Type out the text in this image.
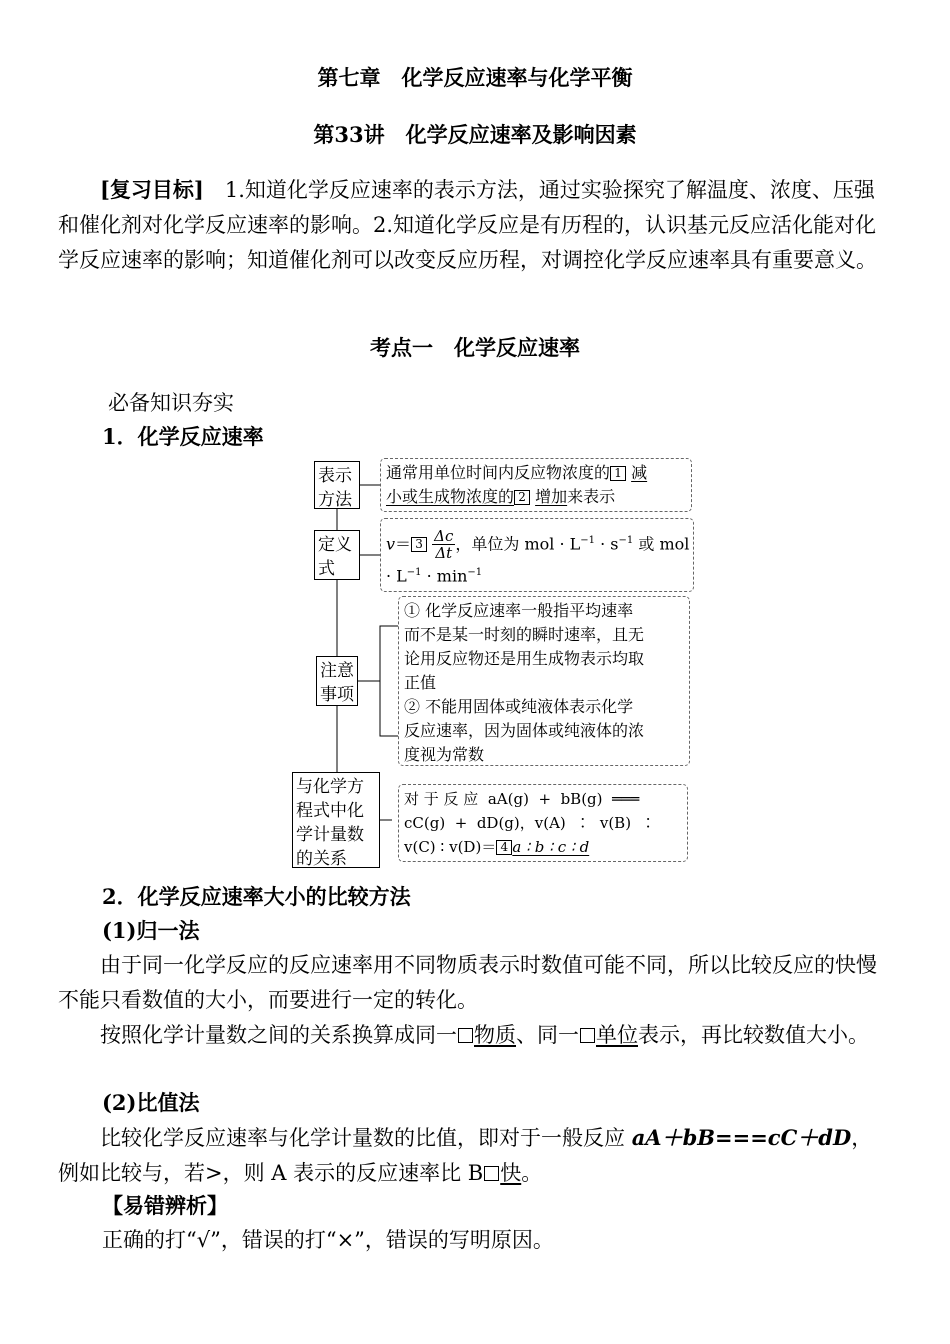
第七章　化学反应速率与化学平衡
第33讲　化学反应速率及影响因素
[复习目标]　 1.知道化学反应速率的表示方法，通过实验探究了解温度、浓度、压强和催化剂对化学反应速率的影响。2.知道化学反应是有历程的，认识基元反应活化能对化学反应速率的影响；知道催化剂可以改变反应历程，对调控化学反应速率具有重要意义。
考点一　化学反应速率
必备知识夯实
1．化学反应速率
表示
方法
定义
式
注意
事项
与化学方
程式中化
学计量数
的关系
通常用单位时间内反应物浓度的 1 减
小或生成物浓度的 2 增加来表示
$v= 3 \frac{\Delta c}{\Delta t}$ ，单位为 mol · $L^{-1} \cdot s^{-1}$ 或 mol
· $L^{-1} \cdot \min^{-1}$
① 化学反应速率一般指平均速率
而不是某一时刻的瞬时速率，且无
论用反应物还是用生成物表示均取
正值
② 不能用固体或纯液体表示化学
反应速率，因为固体或纯液体的浓
度视为常数
对 于 反 应  aA(g)  +  bB(g)  ═══
cC(g)  +  dD(g)，v(A)  ∶  v(B)  ∶
v(C) ∶ v(D)＝ 4 a ∶ b ∶ c ∶ d
2．化学反应速率大小的比较方法
(1)归一法
由于同一化学反应的反应速率用不同物质表示时数值可能不同，所以比较反应的快慢不能只看数值的大小，而要进行一定的转化。
按照化学计量数之间的关系换算成同一 物质、同一 单位表示，再比较数值大小。
(2)比值法
比较化学反应速率与化学计量数的比值，即对于一般反应 aA＋bB===cC＋dD，例如比较与，若>，则 A 表示的反应速率比 B 快。
【易错辨析】
正确的打“√”，错误的打“×”，错误的写明原因。
